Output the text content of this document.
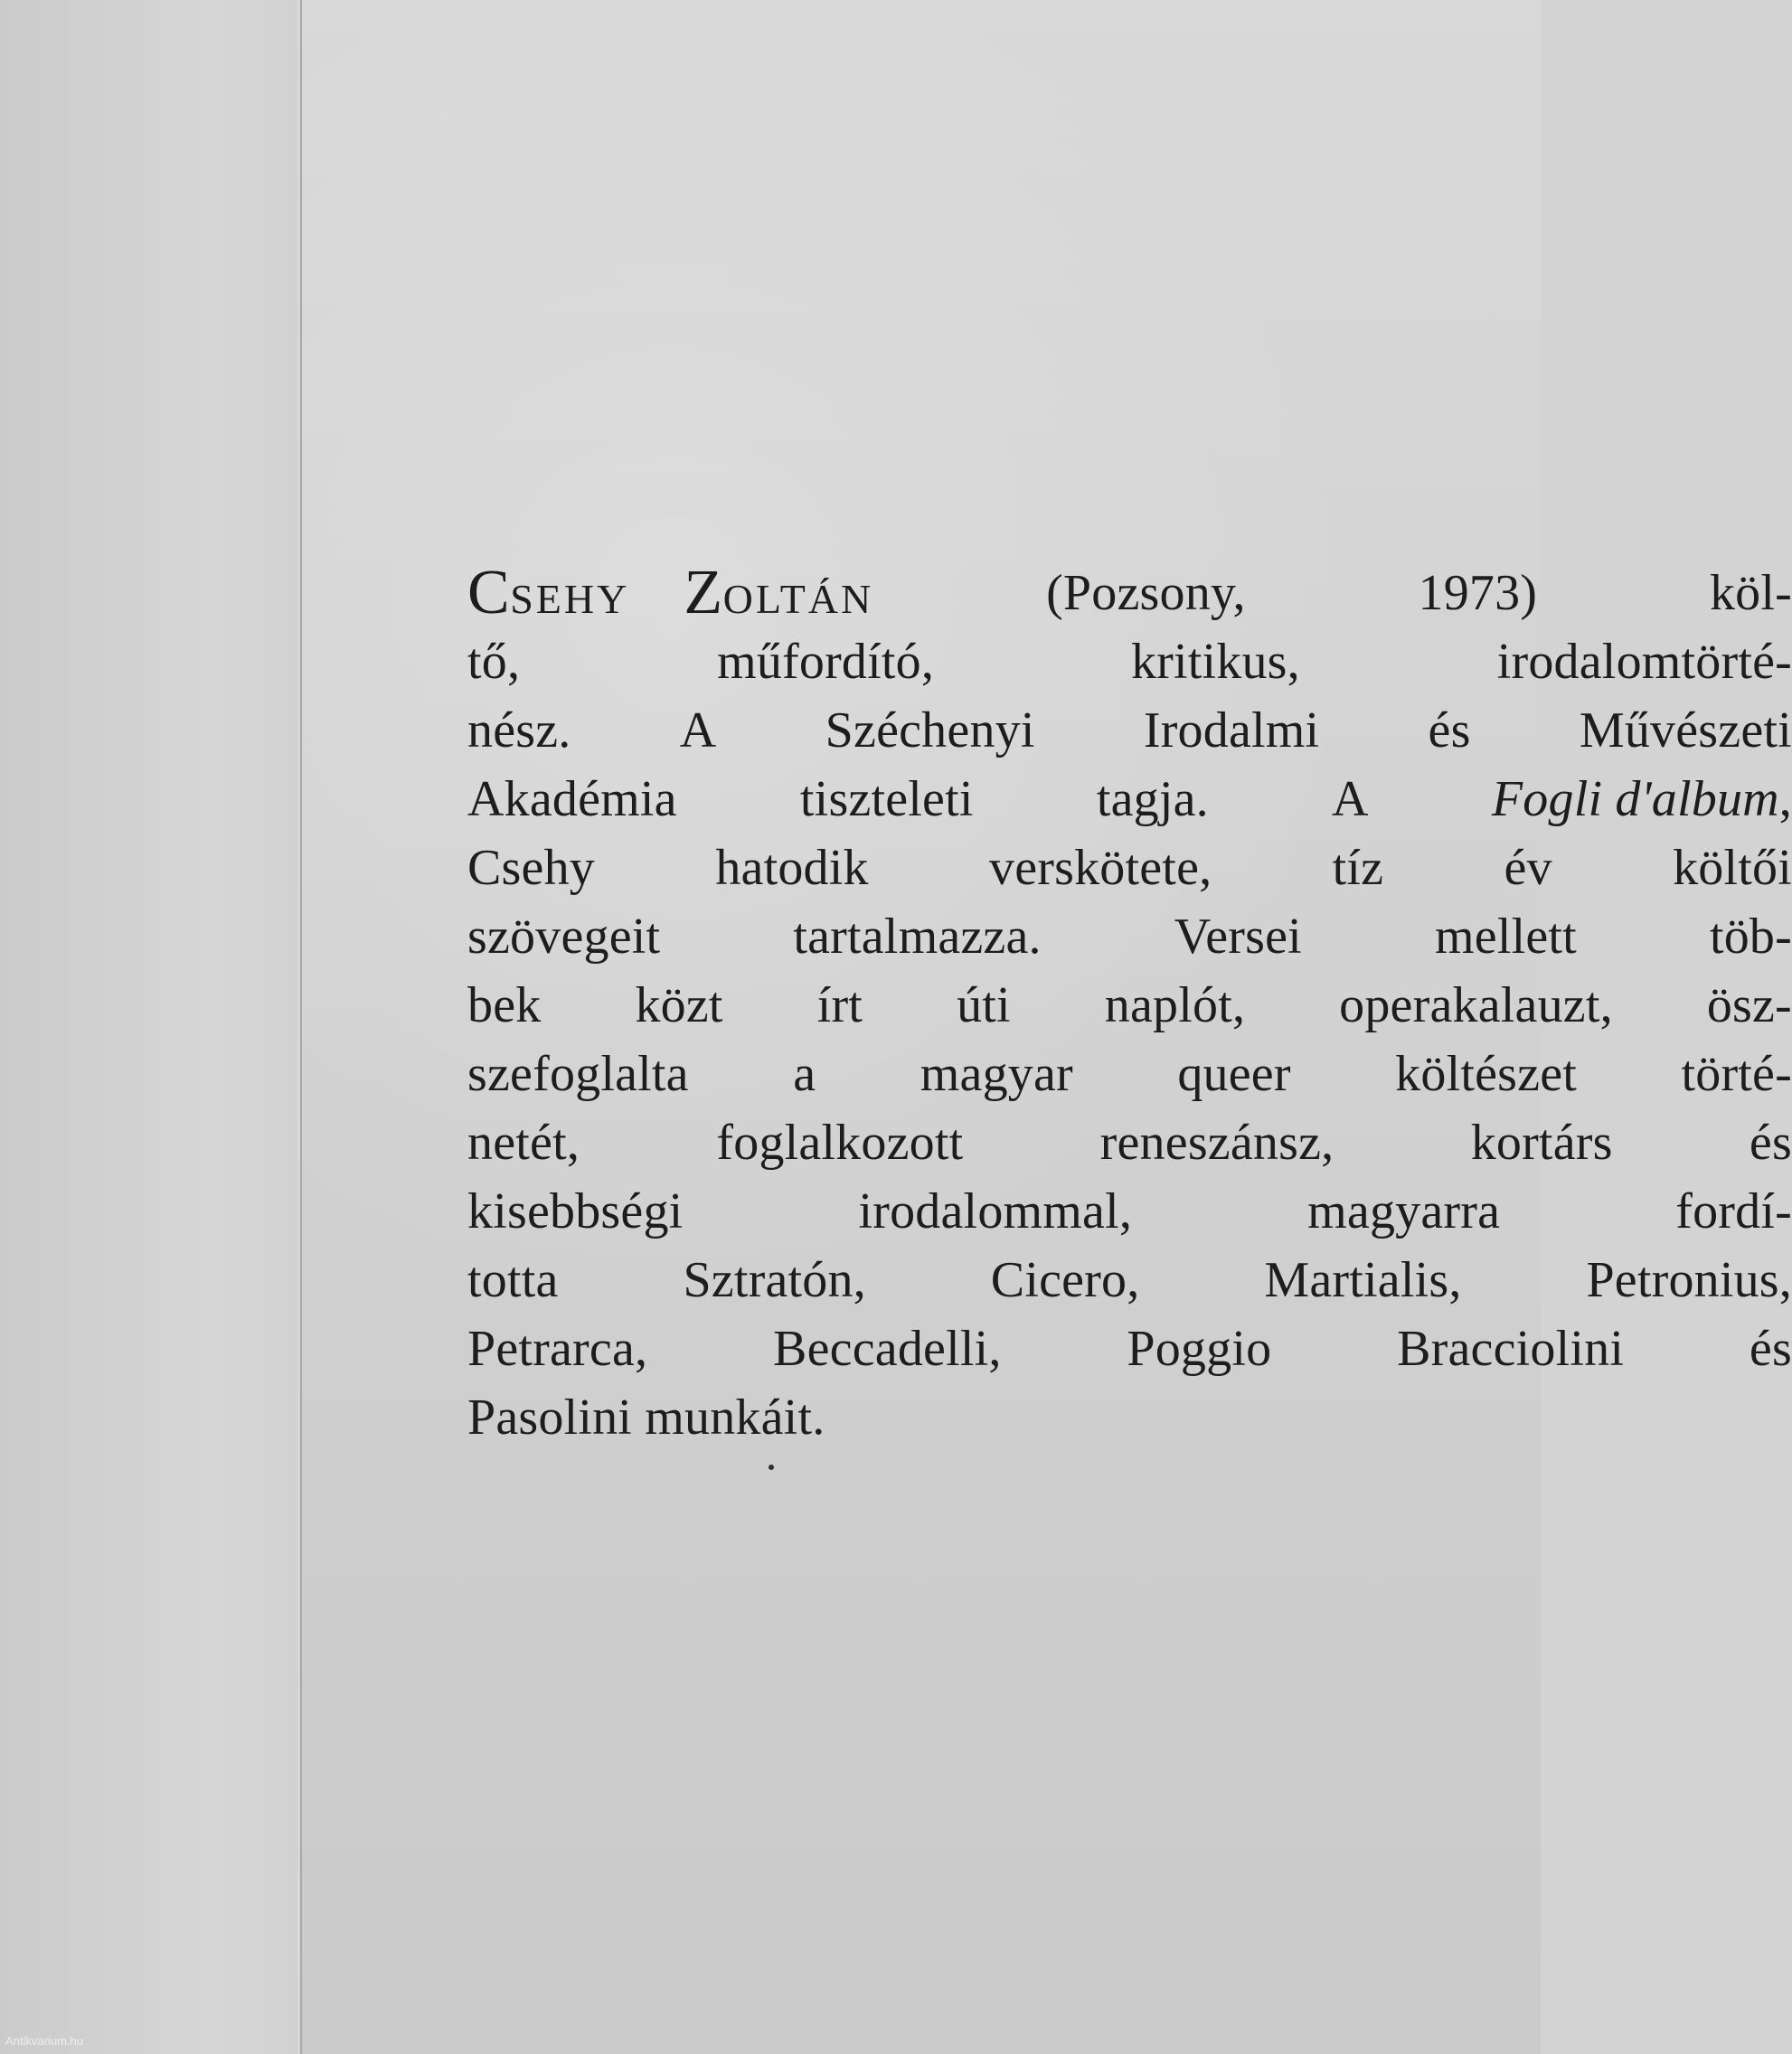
CSEHY ZOLTÁN	(Pozsony,	1973)	köl-
tő,	műfordító,	kritikus,	irodalomtörté-
nész. A Széchenyi Irodalmi és Művészeti
Akadémia tiszteleti tagja. A Fogli d'album,
Csehy hatodik verskötete, tíz év költői
szövegeit	tartalmazza.	Versei	mellett	töb-
bek közt írt úti naplót, operakalauzt, ösz-
szefoglalta a magyar queer költészet törté-
netét,	foglalkozott	reneszánsz,	kortárs	és
kisebbségi	irodalommal,	magyarra	fordí-
totta Sztratón, Cicero, Martialis, Petronius,
Petrarca, Beccadelli, Poggio Bracciolini és
Pasolini munkáit.
Antikvarium.hu
